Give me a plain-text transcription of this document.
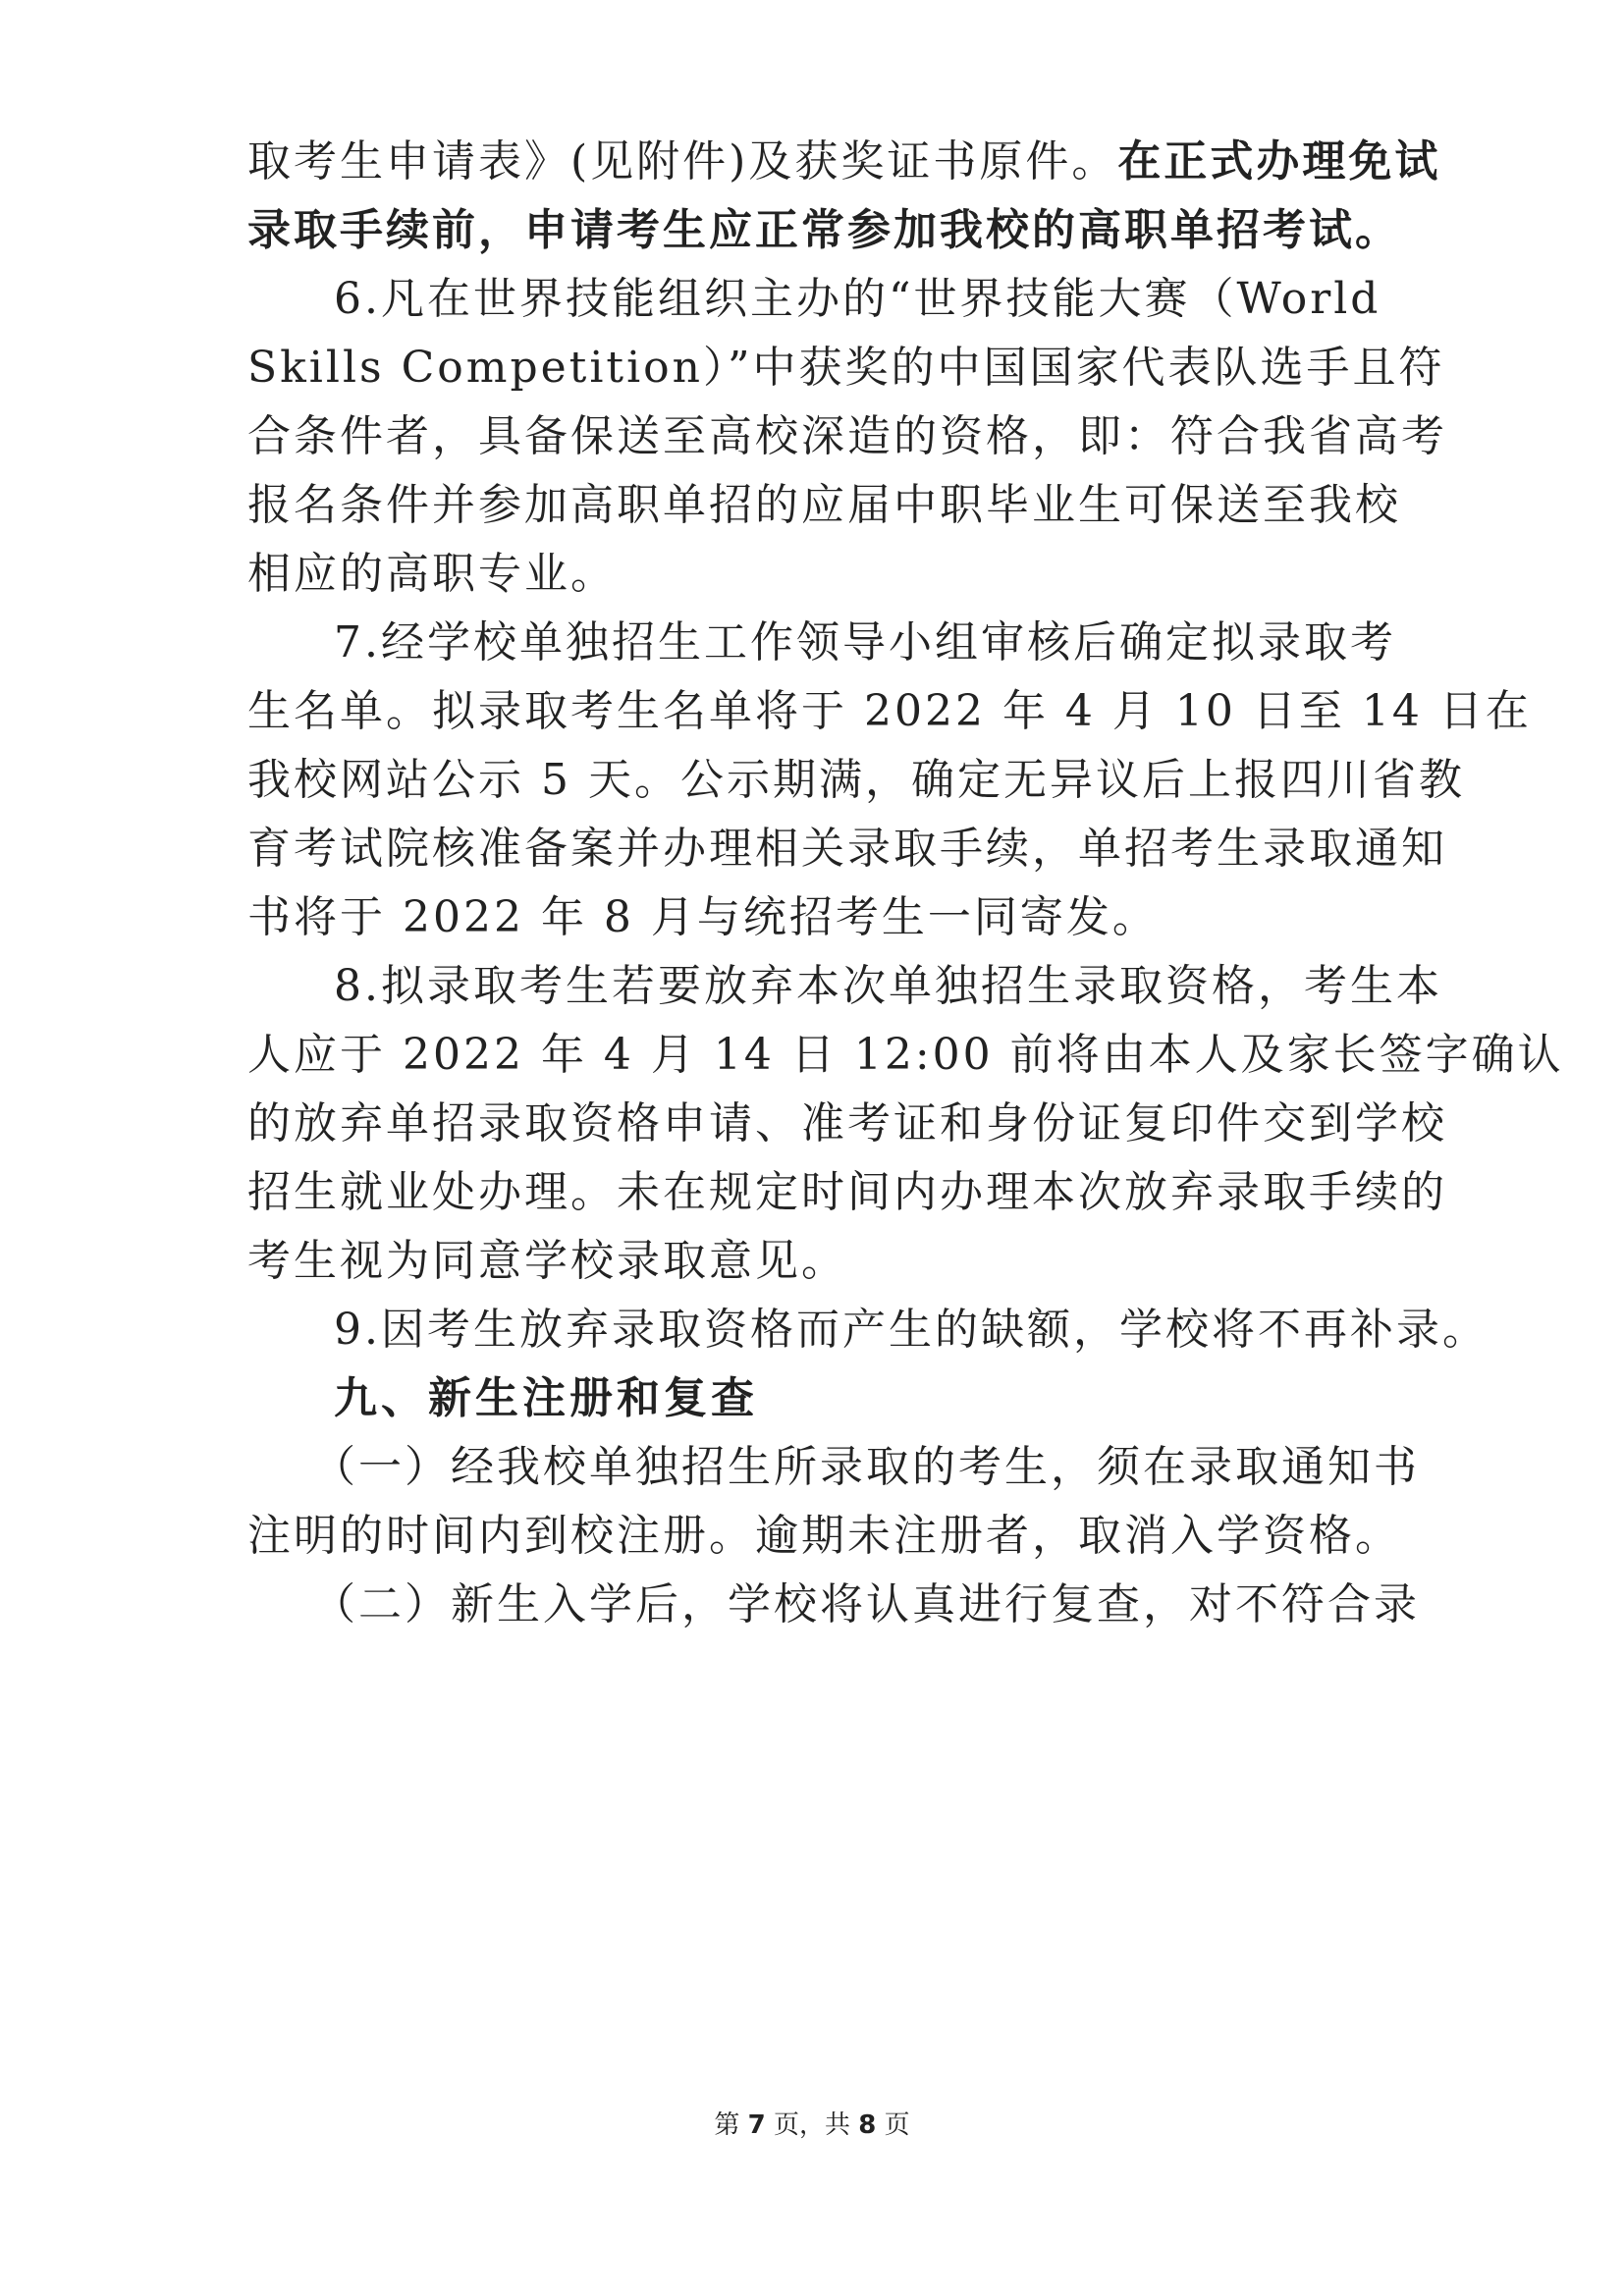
取考生申请表》(见附件)及获奖证书原件。在正式办理免试
录取手续前，申请考生应正常参加我校的高职单招考试。
6.凡在世界技能组织主办的“世界技能大赛（World
Skills Competition）”中获奖的中国国家代表队选手且符
合条件者，具备保送至高校深造的资格，即：符合我省高考
报名条件并参加高职单招的应届中职毕业生可保送至我校
相应的高职专业。
7.经学校单独招生工作领导小组审核后确定拟录取考
生名单。拟录取考生名单将于 2022 年 4 月 10 日至 14 日在
我校网站公示 5 天。公示期满，确定无异议后上报四川省教
育考试院核准备案并办理相关录取手续，单招考生录取通知
书将于 2022 年 8 月与统招考生一同寄发。
8.拟录取考生若要放弃本次单独招生录取资格，考生本
人应于 2022 年 4 月 14 日 12:00 前将由本人及家长签字确认
的放弃单招录取资格申请、准考证和身份证复印件交到学校
招生就业处办理。未在规定时间内办理本次放弃录取手续的
考生视为同意学校录取意见。
9.因考生放弃录取资格而产生的缺额，学校将不再补录。
九、新生注册和复查
（一）经我校单独招生所录取的考生，须在录取通知书
注明的时间内到校注册。逾期未注册者，取消入学资格。
（二）新生入学后，学校将认真进行复查，对不符合录
第 7 页，共 8 页
